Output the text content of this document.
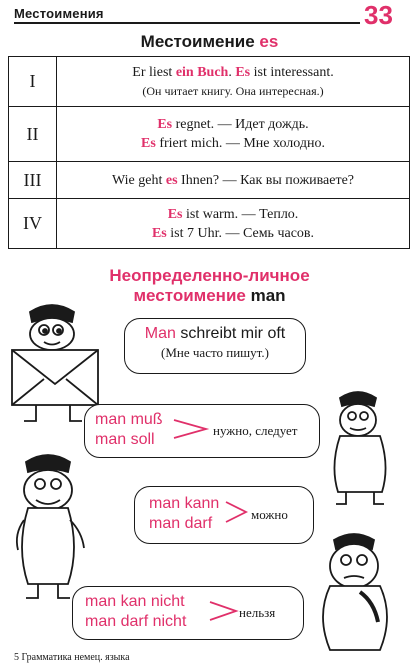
Местоимения	33
Местоимение es
I	Er liest ein Buch. Es ist interessant.
(Он читает книгу. Она интересная.)

II	Es regnet. — Идет дождь.
Es friert mich. — Мне холодно.

III	Wie geht es Ihnen? — Как вы поживаете?

IV	Es ist warm. — Тепло.
Es ist 7 Uhr. — Семь часов.
Неопределенно-личное
местоимение man
Man schreibt mir oft
(Мне часто пишут.)
man muß
man soll
нужно, следует
man kann
man darf
можно
man kan nicht
man darf nicht
нельзя
5 Грамматика немец. языка
